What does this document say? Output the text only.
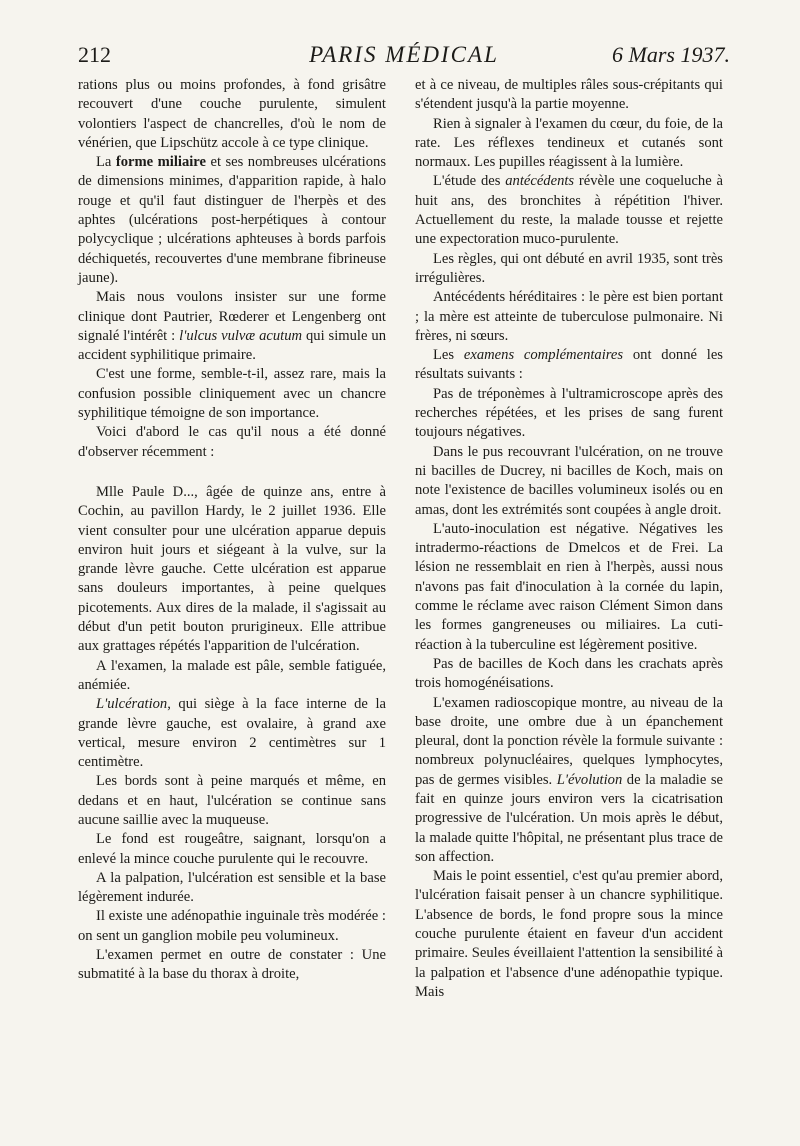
212	PARIS MÉDICAL	6 Mars 1937.

rations plus ou moins profondes, à fond grisâtre recouvert d'une couche purulente, simulent volontiers l'aspect de chancrelles, d'où le nom de vénérien, que Lipschütz accole à ce type clinique.

La forme miliaire et ses nombreuses ulcérations de dimensions minimes, d'apparition rapide, à halo rouge et qu'il faut distinguer de l'herpès et des aphtes (ulcérations post-herpétiques à contour polycyclique ; ulcérations aphteuses à bords parfois déchiquetés, recouvertes d'une membrane fibrineuse jaune).

Mais nous voulons insister sur une forme clinique dont Pautrier, Rœderer et Lengenberg ont signalé l'intérêt : l'ulcus vulvæ acutum qui simule un accident syphilitique primaire.

C'est une forme, semble-t-il, assez rare, mais la confusion possible cliniquement avec un chancre syphilitique témoigne de son importance.

Voici d'abord le cas qu'il nous a été donné d'observer récemment :

Mlle Paule D..., âgée de quinze ans, entre à Cochin, au pavillon Hardy, le 2 juillet 1936. Elle vient consulter pour une ulcération apparue depuis environ huit jours et siégeant à la vulve, sur la grande lèvre gauche. Cette ulcération est apparue sans douleurs importantes, à peine quelques picotements. Aux dires de la malade, il s'agissait au début d'un petit bouton prurigineux. Elle attribue aux grattages répétés l'apparition de l'ulcération.

A l'examen, la malade est pâle, semble fatiguée, anémiée.

L'ulcération, qui siège à la face interne de la grande lèvre gauche, est ovalaire, à grand axe vertical, mesure environ 2 centimètres sur 1 centimètre.

Les bords sont à peine marqués et même, en dedans et en haut, l'ulcération se continue sans aucune saillie avec la muqueuse.

Le fond est rougeâtre, saignant, lorsqu'on a enlevé la mince couche purulente qui le recouvre.

A la palpation, l'ulcération est sensible et la base légèrement indurée.

Il existe une adénopathie inguinale très modérée : on sent un ganglion mobile peu volumineux.

L'examen permet en outre de constater : Une submatité à la base du thorax à droite,

et à ce niveau, de multiples râles sous-crépitants qui s'étendent jusqu'à la partie moyenne.

Rien à signaler à l'examen du cœur, du foie, de la rate. Les réflexes tendineux et cutanés sont normaux. Les pupilles réagissent à la lumière.

L'étude des antécédents révèle une coqueluche à huit ans, des bronchites à répétition l'hiver. Actuellement du reste, la malade tousse et rejette une expectoration muco-purulente.

Les règles, qui ont débuté en avril 1935, sont très irrégulières.

Antécédents héréditaires : le père est bien portant ; la mère est atteinte de tuberculose pulmonaire. Ni frères, ni sœurs.

Les examens complémentaires ont donné les résultats suivants :

Pas de tréponèmes à l'ultramicroscope après des recherches répétées, et les prises de sang furent toujours négatives.

Dans le pus recouvrant l'ulcération, on ne trouve ni bacilles de Ducrey, ni bacilles de Koch, mais on note l'existence de bacilles volumineux isolés ou en amas, dont les extrémités sont coupées à angle droit.

L'auto-inoculation est négative. Négatives les intradermo-réactions de Dmelcos et de Frei. La lésion ne ressemblait en rien à l'herpès, aussi nous n'avons pas fait d'inoculation à la cornée du lapin, comme le réclame avec raison Clément Simon dans les formes gangreneuses ou miliaires. La cuti-réaction à la tuberculine est légèrement positive.

Pas de bacilles de Koch dans les crachats après trois homogénéisations.

L'examen radioscopique montre, au niveau de la base droite, une ombre due à un épanchement pleural, dont la ponction révèle la formule suivante : nombreux polynucléaires, quelques lymphocytes, pas de germes visibles. L'évolution de la maladie se fait en quinze jours environ vers la cicatrisation progressive de l'ulcération. Un mois après le début, la malade quitte l'hôpital, ne présentant plus trace de son affection.

Mais le point essentiel, c'est qu'au premier abord, l'ulcération faisait penser à un chancre syphilitique. L'absence de bords, le fond propre sous la mince couche purulente étaient en faveur d'un accident primaire. Seules éveillaient l'attention la sensibilité à la palpation et l'absence d'une adénopathie typique. Mais
